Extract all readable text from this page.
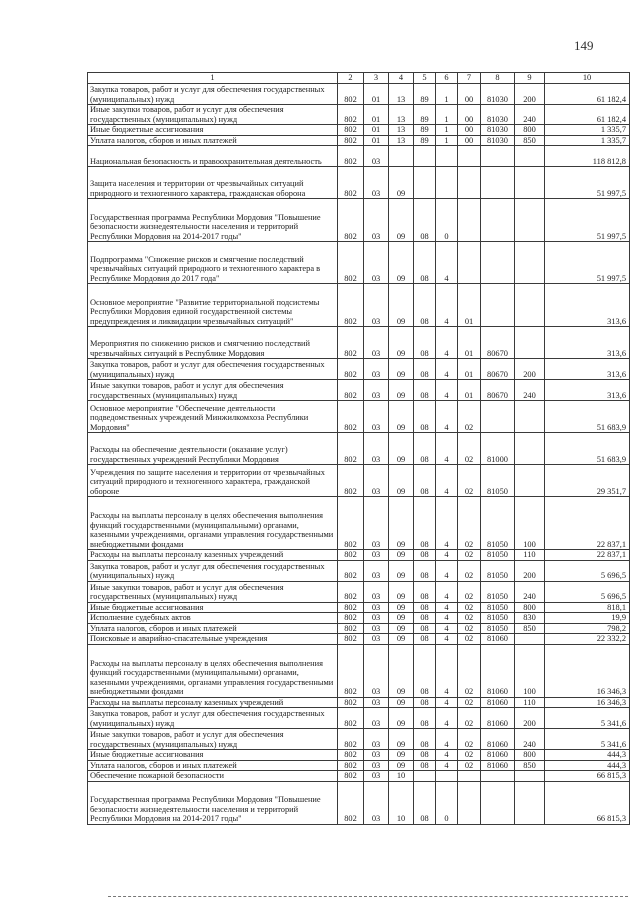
149
1	2	3	4	5	6	7	8	9	10
Закупка товаров, работ и услуг для обеспечения государственных (муниципальных) нужд	802	01	13	89	1	00	81030	200	61 182,4
Иные закупки товаров, работ и услуг для обеспечения государственных (муниципальных) нужд	802	01	13	89	1	00	81030	240	61 182,4
Иные бюджетные ассигнования	802	01	13	89	1	00	81030	800	1 335,7
Уплата налогов, сборов и иных платежей	802	01	13	89	1	00	81030	850	1 335,7
Национальная безопасность и правоохранительная деятельность	802	03							118 812,8
Защита населения и территории от чрезвычайных ситуаций природного и техногенного характера, гражданская оборона	802	03	09						51 997,5
Государственная программа Республики Мордовия "Повышение безопасности жизнедеятельности населения и территорий Республики Мордовия на 2014-2017 годы"	802	03	09	08	0				51 997,5
Подпрограмма "Снижение рисков и смягчение последствий чрезвычайных ситуаций природного и техногенного характера в Республике Мордовия до 2017 года"	802	03	09	08	4				51 997,5
Основное мероприятие "Развитие территориальной подсистемы Республики Мордовия единой государственной системы предупреждения и ликвидации чрезвычайных ситуаций"	802	03	09	08	4	01			313,6
Мероприятия по снижению рисков и смягчению последствий чрезвычайных ситуаций в Республике Мордовия	802	03	09	08	4	01	80670		313,6
Закупка товаров, работ и услуг для обеспечения государственных (муниципальных) нужд	802	03	09	08	4	01	80670	200	313,6
Иные закупки товаров, работ и услуг для обеспечения государственных (муниципальных) нужд	802	03	09	08	4	01	80670	240	313,6
Основное мероприятие "Обеспечение деятельности подведомственных учреждений Минжилкомхоза Республики Мордовия"	802	03	09	08	4	02			51 683,9
Расходы на обеспечение деятельности (оказание услуг) государственных учреждений Республики Мордовия	802	03	09	08	4	02	81000		51 683,9
Учреждения по защите населения и территории от чрезвычайных ситуаций природного и техногенного характера, гражданской обороне	802	03	09	08	4	02	81050		29 351,7
Расходы на выплаты персоналу в целях обеспечения выполнения функций государственными (муниципальными) органами, казенными учреждениями, органами управления государственными внебюджетными фондами	802	03	09	08	4	02	81050	100	22 837,1
Расходы на выплаты персоналу казенных учреждений	802	03	09	08	4	02	81050	110	22 837,1
Закупка товаров, работ и услуг для обеспечения государственных (муниципальных) нужд	802	03	09	08	4	02	81050	200	5 696,5
Иные закупки товаров, работ и услуг для обеспечения государственных (муниципальных) нужд	802	03	09	08	4	02	81050	240	5 696,5
Иные бюджетные ассигнования	802	03	09	08	4	02	81050	800	818,1
Исполнение судебных актов	802	03	09	08	4	02	81050	830	19,9
Уплата налогов, сборов и иных платежей	802	03	09	08	4	02	81050	850	798,2
Поисковые и аварийно-спасательные учреждения	802	03	09	08	4	02	81060		22 332,2
Расходы на выплаты персоналу в целях обеспечения выполнения функций государственными (муниципальными) органами, казенными учреждениями, органами управления государственными внебюджетными фондами	802	03	09	08	4	02	81060	100	16 346,3
Расходы на выплаты персоналу казенных учреждений	802	03	09	08	4	02	81060	110	16 346,3
Закупка товаров, работ и услуг для обеспечения государственных (муниципальных) нужд	802	03	09	08	4	02	81060	200	5 341,6
Иные закупки товаров, работ и услуг для обеспечения государственных (муниципальных) нужд	802	03	09	08	4	02	81060	240	5 341,6
Иные бюджетные ассигнования	802	03	09	08	4	02	81060	800	444,3
Уплата налогов, сборов и иных платежей	802	03	09	08	4	02	81060	850	444,3
Обеспечение пожарной безопасности	802	03	10						66 815,3
Государственная программа Республики Мордовия "Повышение безопасности жизнедеятельности населения и территорий Республики Мордовия на 2014-2017 годы"	802	03	10	08	0				66 815,3
